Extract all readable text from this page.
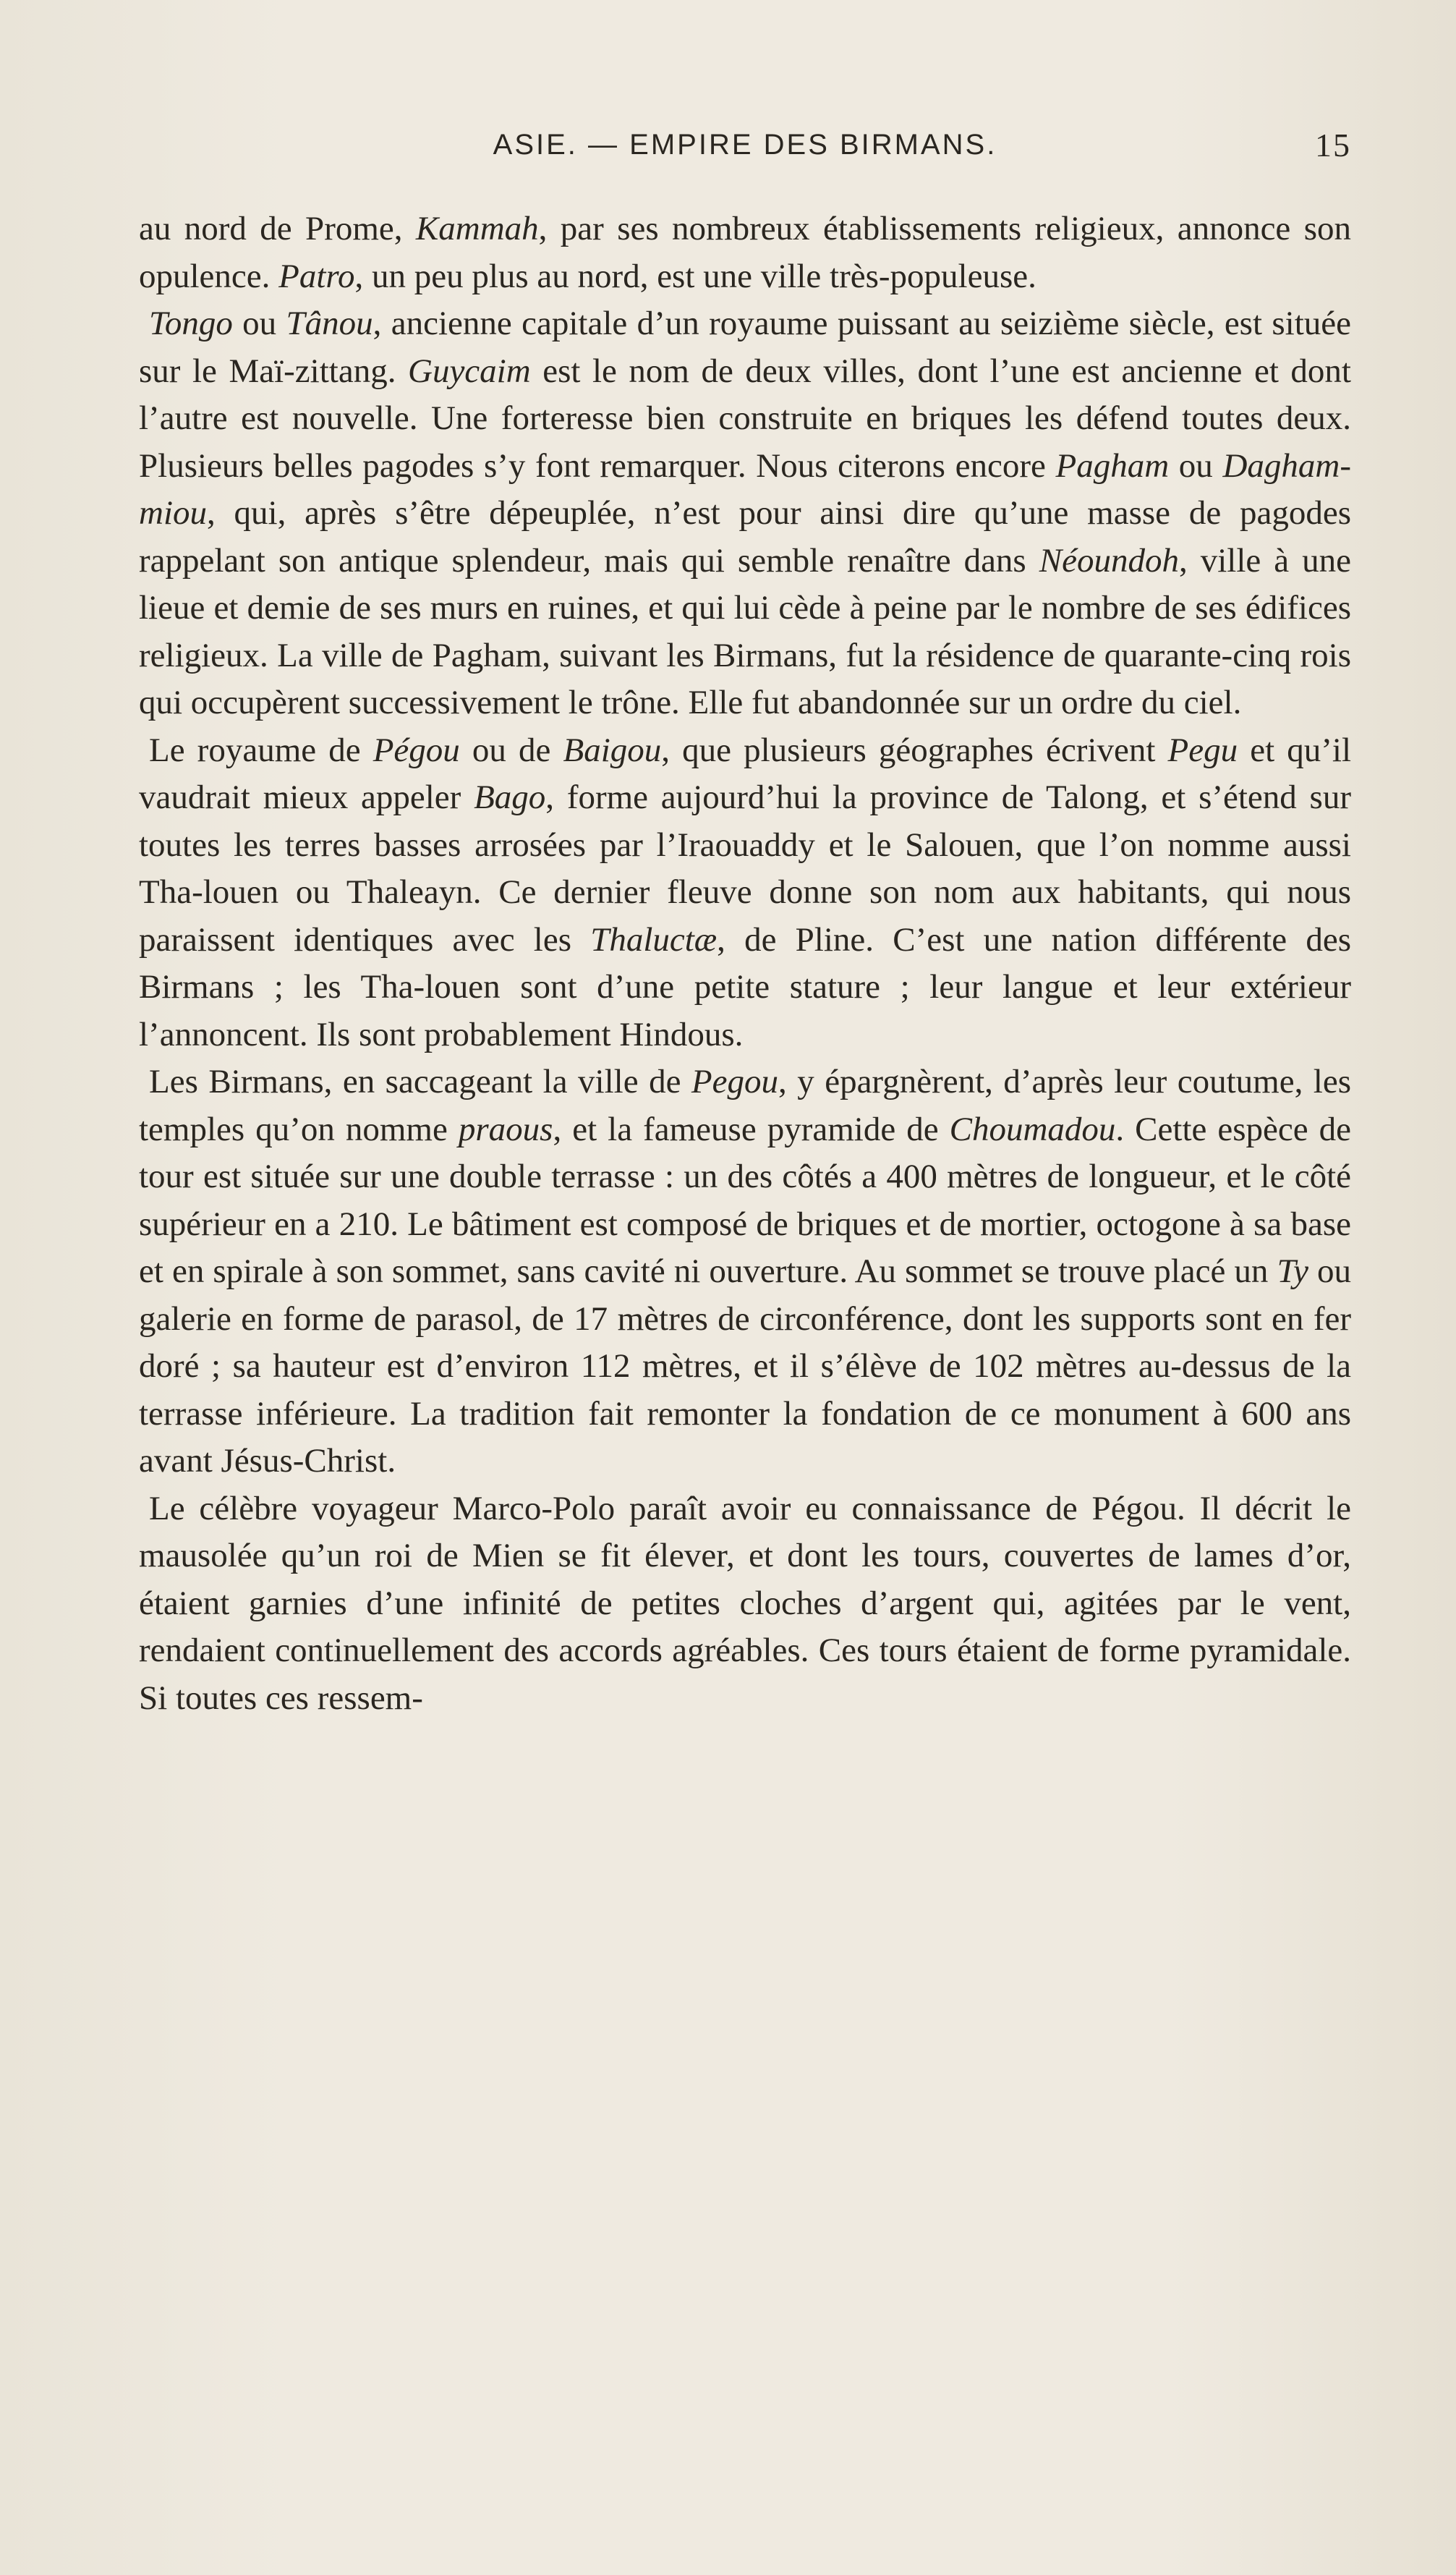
ASIE. — EMPIRE DES BIRMANS.	15

au nord de Prome, Kammah, par ses nombreux établissements religieux, annonce son opulence. Patro, un peu plus au nord, est une ville très-populeuse.

Tongo ou Tânou, ancienne capitale d’un royaume puissant au seizième siècle, est située sur le Maï-zittang. Guycaim est le nom de deux villes, dont l’une est ancienne et dont l’autre est nouvelle. Une forteresse bien construite en briques les défend toutes deux. Plusieurs belles pagodes s’y font remarquer. Nous citerons encore Pagham ou Dagham-miou, qui, après s’être dépeuplée, n’est pour ainsi dire qu’une masse de pagodes rappelant son antique splendeur, mais qui semble renaître dans Néoundoh, ville à une lieue et demie de ses murs en ruines, et qui lui cède à peine par le nombre de ses édifices religieux. La ville de Pagham, suivant les Birmans, fut la résidence de quarante-cinq rois qui occupèrent successivement le trône. Elle fut abandonnée sur un ordre du ciel.

Le royaume de Pégou ou de Baigou, que plusieurs géographes écrivent Pegu et qu’il vaudrait mieux appeler Bago, forme aujourd’hui la province de Talong, et s’étend sur toutes les terres basses arrosées par l’Iraouaddy et le Salouen, que l’on nomme aussi Tha-louen ou Thaleayn. Ce dernier fleuve donne son nom aux habitants, qui nous paraissent identiques avec les Thaluctæ, de Pline. C’est une nation différente des Birmans ; les Tha-louen sont d’une petite stature ; leur langue et leur extérieur l’annoncent. Ils sont probablement Hindous.

Les Birmans, en saccageant la ville de Pegou, y épargnèrent, d’après leur coutume, les temples qu’on nomme praous, et la fameuse pyramide de Choumadou. Cette espèce de tour est située sur une double terrasse : un des côtés a 400 mètres de longueur, et le côté supérieur en a 210. Le bâtiment est composé de briques et de mortier, octogone à sa base et en spirale à son sommet, sans cavité ni ouverture. Au sommet se trouve placé un Ty ou galerie en forme de parasol, de 17 mètres de circonférence, dont les supports sont en fer doré ; sa hauteur est d’environ 112 mètres, et il s’élève de 102 mètres au-dessus de la terrasse inférieure. La tradition fait remonter la fondation de ce monument à 600 ans avant Jésus-Christ.

Le célèbre voyageur Marco-Polo paraît avoir eu connaissance de Pégou. Il décrit le mausolée qu’un roi de Mien se fit élever, et dont les tours, couvertes de lames d’or, étaient garnies d’une infinité de petites cloches d’argent qui, agitées par le vent, rendaient continuellement des accords agréables. Ces tours étaient de forme pyramidale. Si toutes ces ressem-
